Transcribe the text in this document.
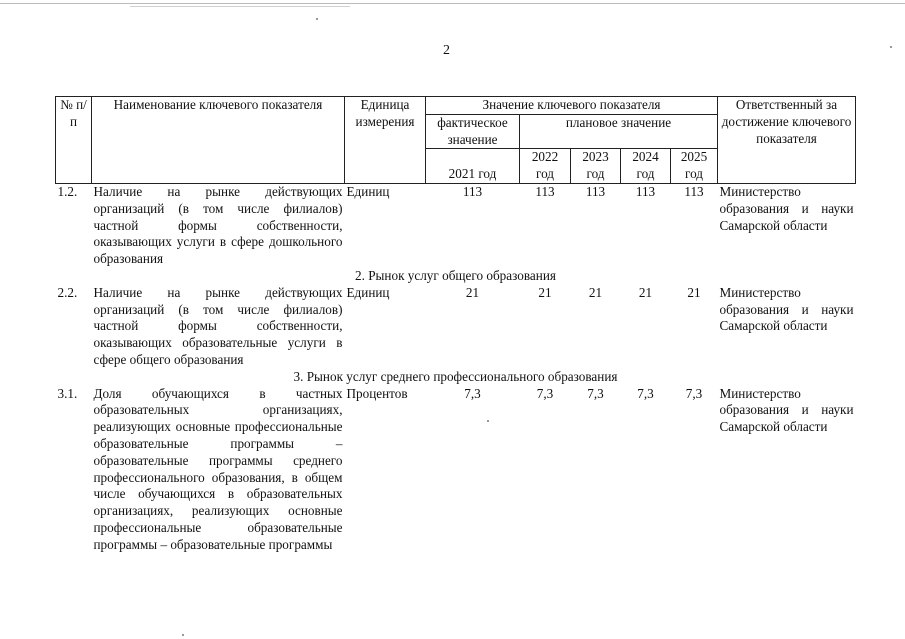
2
№ п/п	Наименование ключевого показателя	Единица измерения	Значение ключевого показателя					Ответственный за достижение ключевого показателя
			фактическое значение	плановое значение				
			2021 год	2022 год	2023 год	2024 год	2025 год	
1.2.	Наличие на рынке действующих организаций (в том числе филиалов) частной формы собственности, оказывающих услуги в сфере дошкольного образования	Единиц	113	113	113	113	113	Министерство образования и науки Самарской области
2. Рынок услуг общего образования								
2.2.	Наличие на рынке действующих организаций (в том числе филиалов) частной формы собственности, оказывающих образовательные услуги в сфере общего образования	Единиц	21	21	21	21	21	Министерство образования и науки Самарской области
3. Рынок услуг среднего профессионального образования								
3.1.	Доля обучающихся в частных образовательных организациях, реализующих основные профессиональные образовательные программы – образовательные программы среднего профессионального образования, в общем числе обучающихся в образовательных организациях, реализующих основные профессиональные образовательные программы – образовательные программы	Процентов	7,3	7,3	7,3	7,3	7,3	Министерство образования и науки Самарской области
